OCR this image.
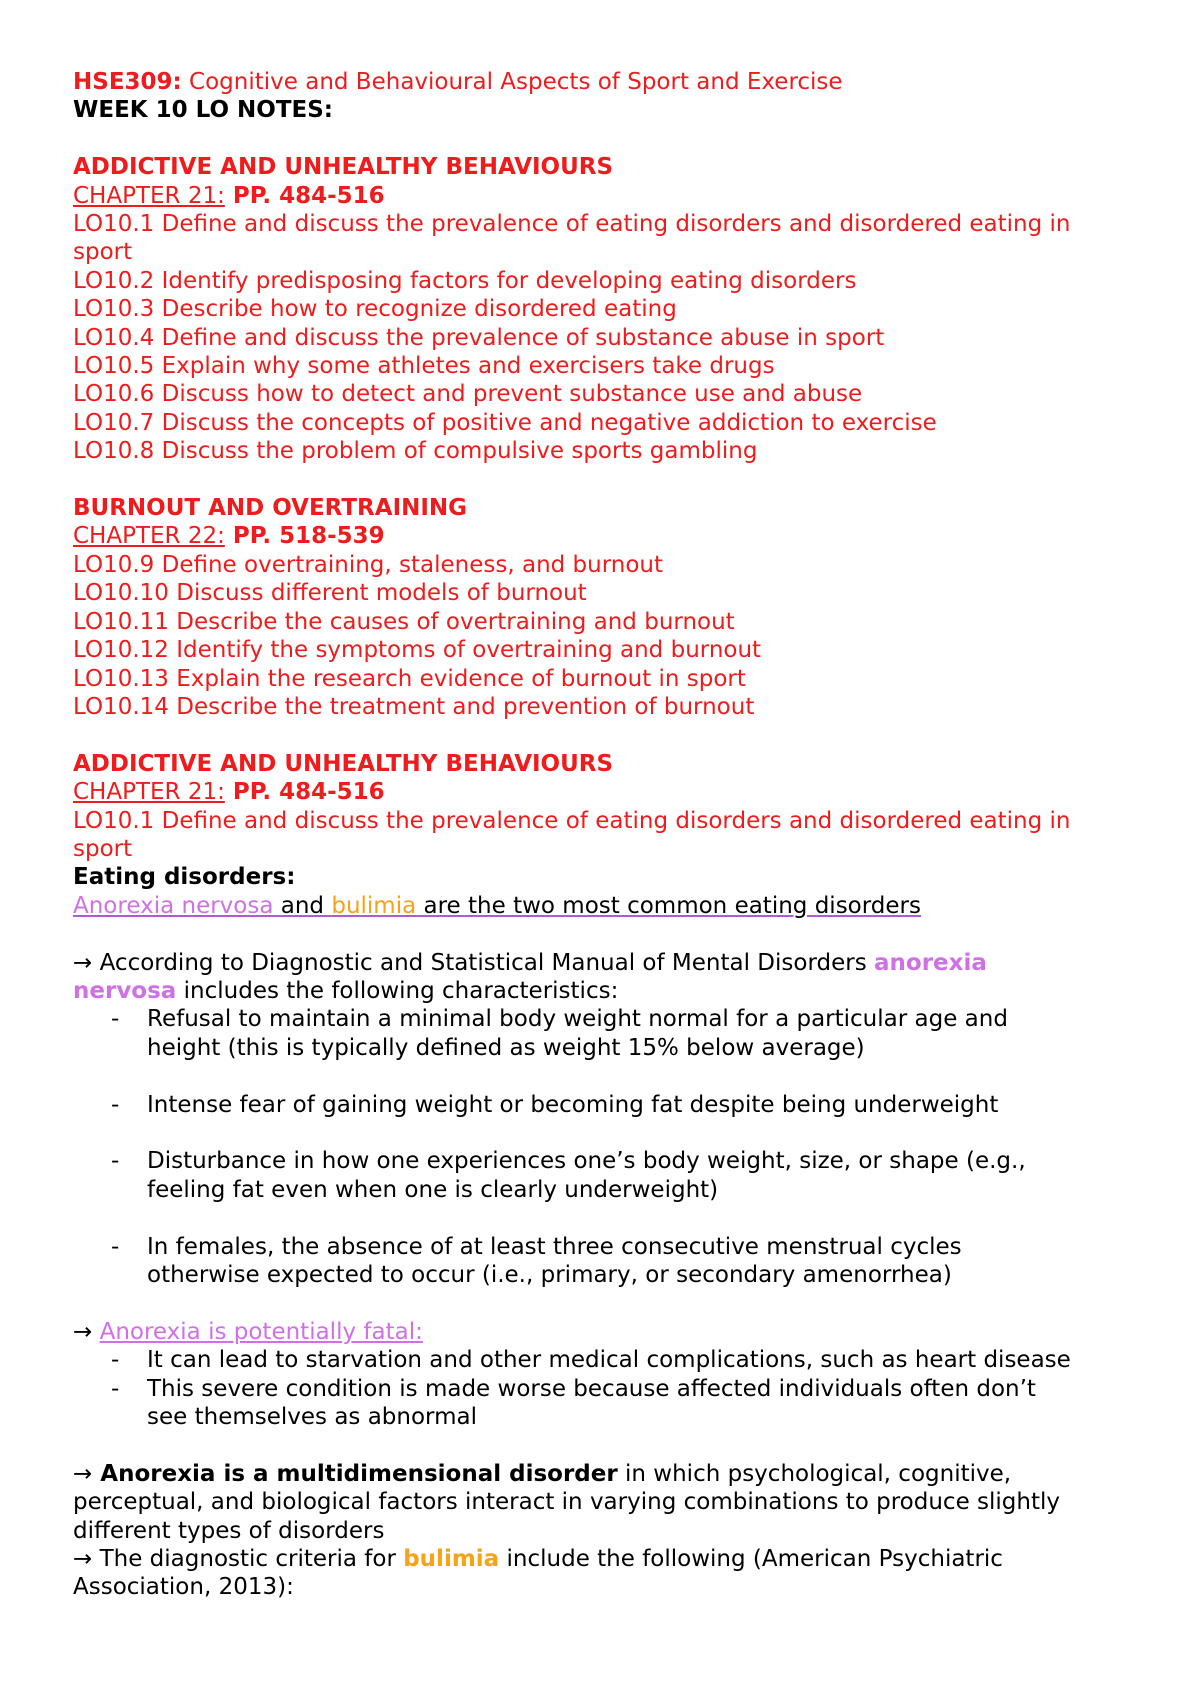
HSE309: Cognitive and Behavioural Aspects of Sport and Exercise
WEEK 10 LO NOTES:
ADDICTIVE AND UNHEALTHY BEHAVIOURS
CHAPTER 21: PP. 484-516
LO10.1 Define and discuss the prevalence of eating disorders and disordered eating in
sport
LO10.2 Identify predisposing factors for developing eating disorders
LO10.3 Describe how to recognize disordered eating
LO10.4 Define and discuss the prevalence of substance abuse in sport
LO10.5 Explain why some athletes and exercisers take drugs
LO10.6 Discuss how to detect and prevent substance use and abuse
LO10.7 Discuss the concepts of positive and negative addiction to exercise
LO10.8 Discuss the problem of compulsive sports gambling
BURNOUT AND OVERTRAINING
CHAPTER 22: PP. 518-539
LO10.9 Define overtraining, staleness, and burnout
LO10.10 Discuss different models of burnout
LO10.11 Describe the causes of overtraining and burnout
LO10.12 Identify the symptoms of overtraining and burnout
LO10.13 Explain the research evidence of burnout in sport
LO10.14 Describe the treatment and prevention of burnout
ADDICTIVE AND UNHEALTHY BEHAVIOURS
CHAPTER 21: PP. 484-516
LO10.1 Define and discuss the prevalence of eating disorders and disordered eating in
sport
Eating disorders:
Anorexia nervosa and bulimia are the two most common eating disorders
→ According to Diagnostic and Statistical Manual of Mental Disorders anorexia
nervosa includes the following characteristics:
- Refusal to maintain a minimal body weight normal for a particular age and
height (this is typically defined as weight 15% below average)
- Intense fear of gaining weight or becoming fat despite being underweight
- Disturbance in how one experiences one’s body weight, size, or shape (e.g.,
feeling fat even when one is clearly underweight)
- In females, the absence of at least three consecutive menstrual cycles
otherwise expected to occur (i.e., primary, or secondary amenorrhea)
→ Anorexia is potentially fatal:
- It can lead to starvation and other medical complications, such as heart disease
- This severe condition is made worse because affected individuals often don’t
see themselves as abnormal
→ Anorexia is a multidimensional disorder in which psychological, cognitive,
perceptual, and biological factors interact in varying combinations to produce slightly
different types of disorders
→ The diagnostic criteria for bulimia include the following (American Psychiatric
Association, 2013):
